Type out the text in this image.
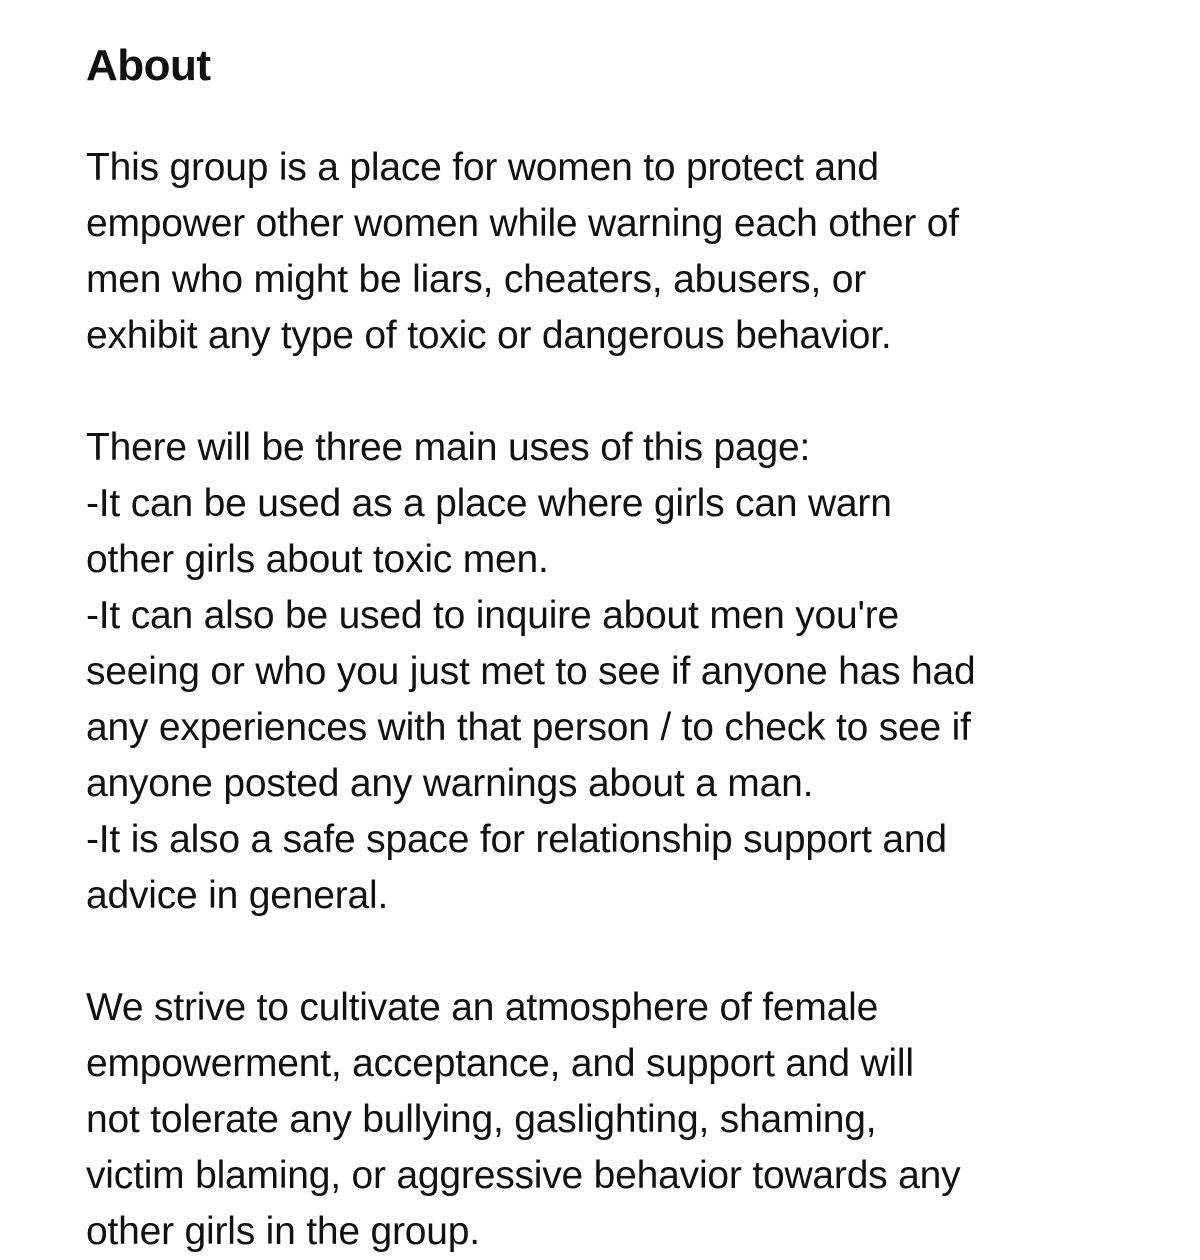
About
This group is a place for women to protect and
empower other women while warning each other of
men who might be liars, cheaters, abusers, or
exhibit any type of toxic or dangerous behavior.
There will be three main uses of this page:
-It can be used as a place where girls can warn
other girls about toxic men.
-It can also be used to inquire about men you're
seeing or who you just met to see if anyone has had
any experiences with that person / to check to see if
anyone posted any warnings about a man.
-It is also a safe space for relationship support and
advice in general.
We strive to cultivate an atmosphere of female
empowerment, acceptance, and support and will
not tolerate any bullying, gaslighting, shaming,
victim blaming, or aggressive behavior towards any
other girls in the group.
